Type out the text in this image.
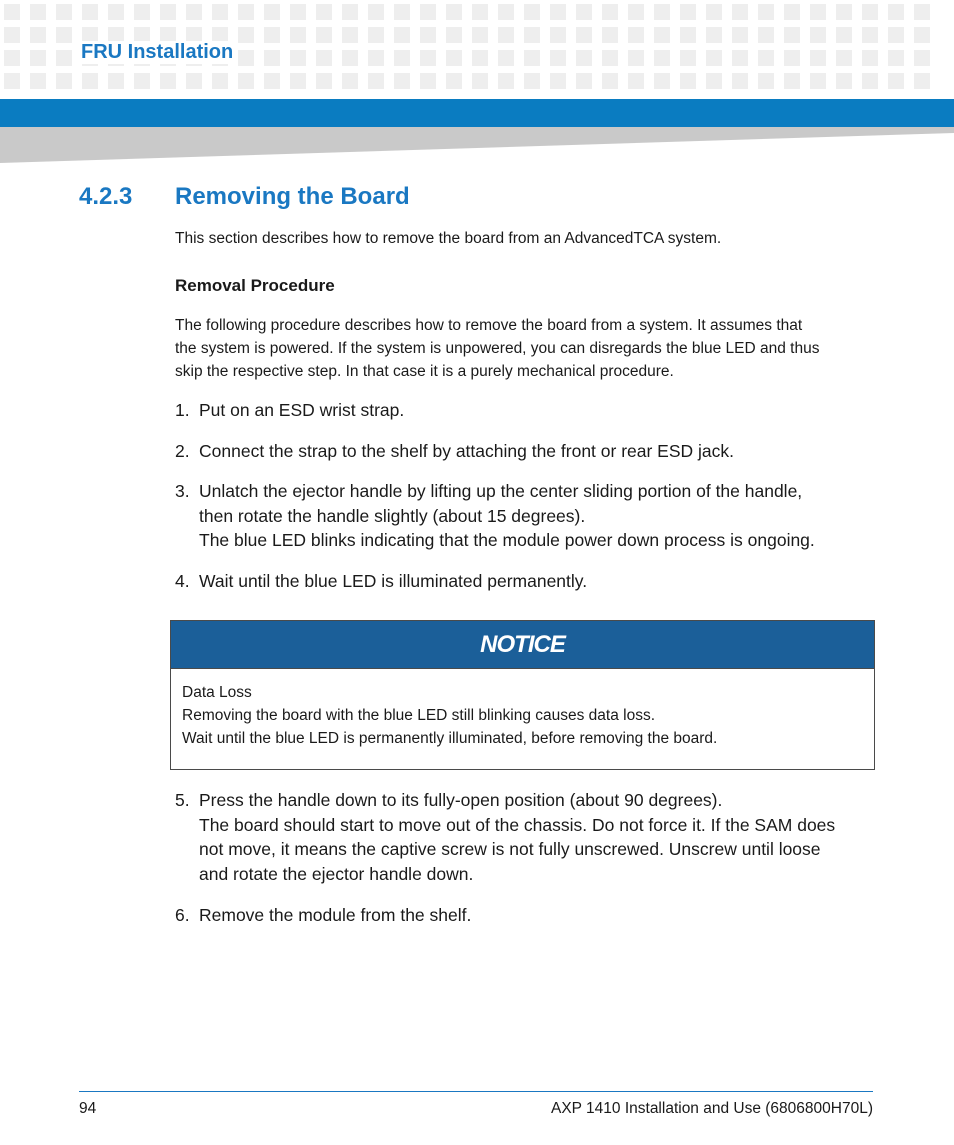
FRU Installation
4.2.3 Removing the Board
This section describes how to remove the board from an AdvancedTCA system.
Removal Procedure
The following procedure describes how to remove the board from a system. It assumes that
the system is powered. If the system is unpowered, you can disregards the blue LED and thus
skip the respective step. In that case it is a purely mechanical procedure.
1. Put on an ESD wrist strap.
2. Connect the strap to the shelf by attaching the front or rear ESD jack.
3. Unlatch the ejector handle by lifting up the center sliding portion of the handle,
then rotate the handle slightly (about 15 degrees).
The blue LED blinks indicating that the module power down process is ongoing.
4. Wait until the blue LED is illuminated permanently.
NOTICE
Data Loss
Removing the board with the blue LED still blinking causes data loss.
Wait until the blue LED is permanently illuminated, before removing the board.
5. Press the handle down to its fully-open position (about 90 degrees).
The board should start to move out of the chassis. Do not force it. If the SAM does
not move, it means the captive screw is not fully unscrewed. Unscrew until loose
and rotate the ejector handle down.
6. Remove the module from the shelf.
94	AXP 1410 Installation and Use (6806800H70L)
